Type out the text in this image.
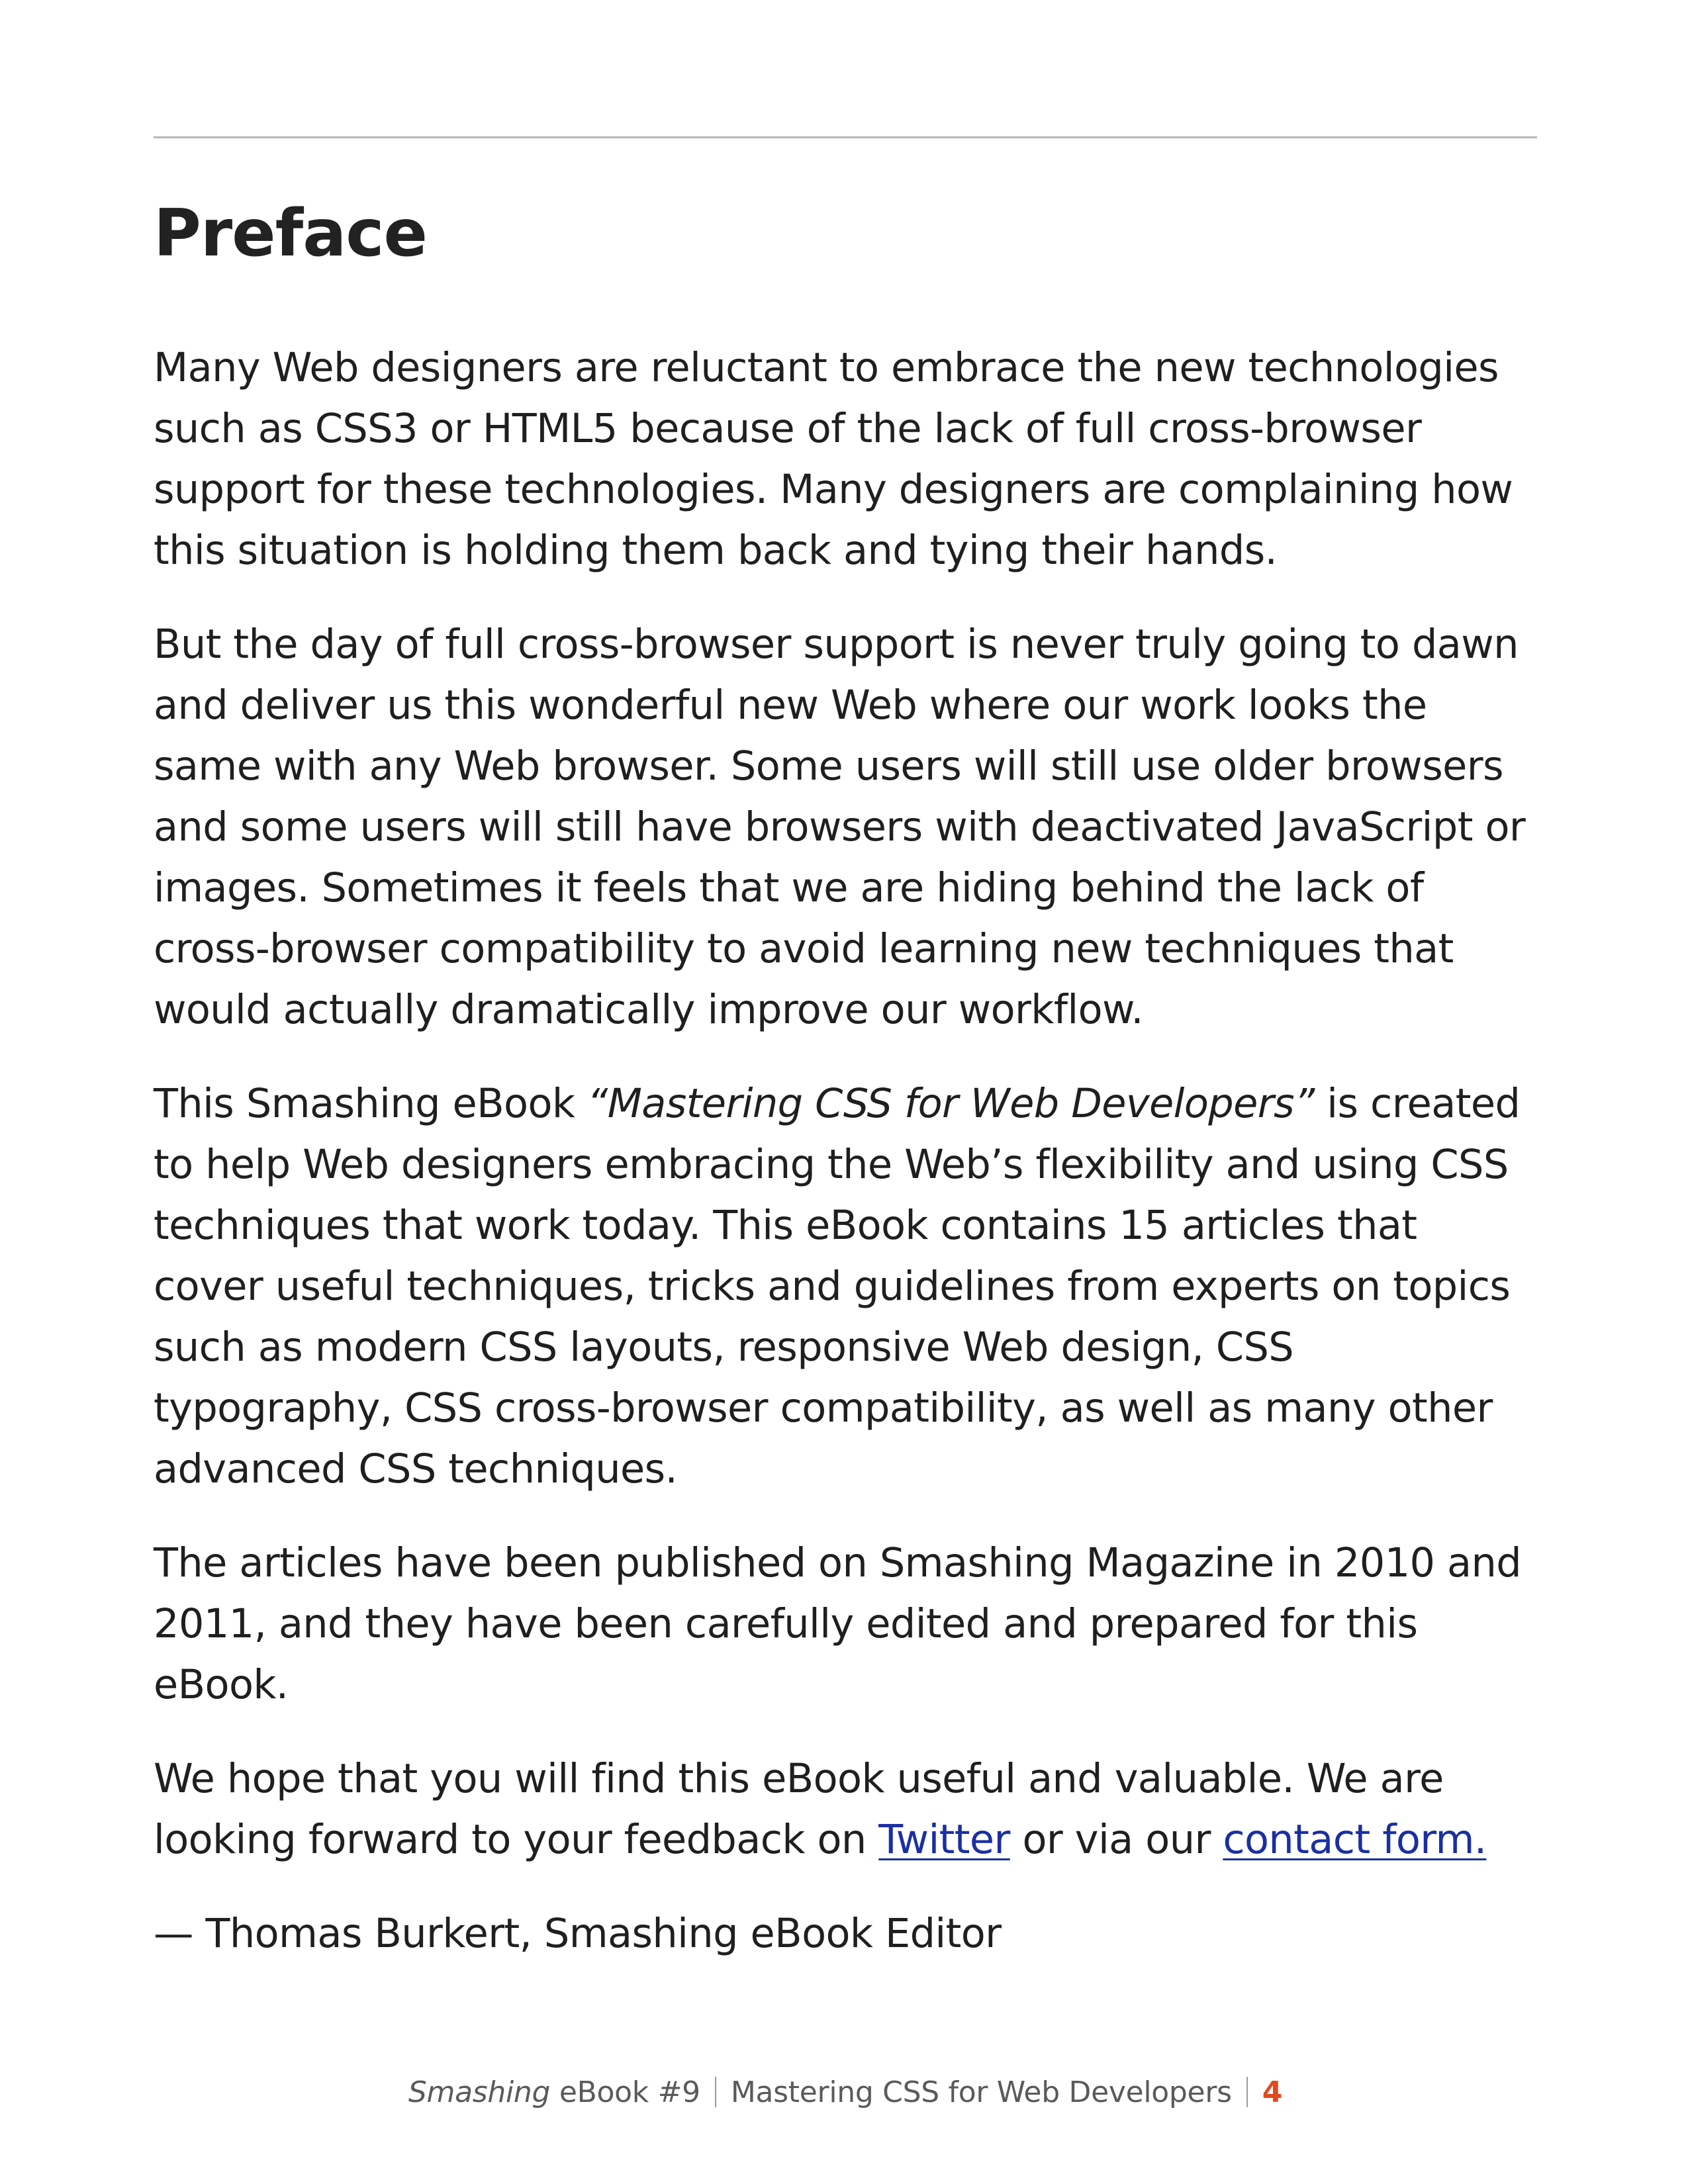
Preface

Many Web designers are reluctant to embrace the new technologies such as CSS3 or HTML5 because of the lack of full cross-browser support for these technologies. Many designers are complaining how this situation is holding them back and tying their hands.

But the day of full cross-browser support is never truly going to dawn and deliver us this wonderful new Web where our work looks the same with any Web browser. Some users will still use older browsers and some users will still have browsers with deactivated JavaScript or images. Sometimes it feels that we are hiding behind the lack of cross-browser compatibility to avoid learning new techniques that would actually dramatically improve our workflow.

This Smashing eBook “Mastering CSS for Web Developers” is created to help Web designers embracing the Web’s flexibility and using CSS techniques that work today. This eBook contains 15 articles that cover useful techniques, tricks and guidelines from experts on topics such as modern CSS layouts, responsive Web design, CSS typography, CSS cross-browser compatibility, as well as many other advanced CSS techniques.

The articles have been published on Smashing Magazine in 2010 and 2011, and they have been carefully edited and prepared for this eBook.

We hope that you will find this eBook useful and valuable. We are looking forward to your feedback on Twitter or via our contact form.

— Thomas Burkert, Smashing eBook Editor

Smashing eBook #9 Mastering CSS for Web Developers 4
